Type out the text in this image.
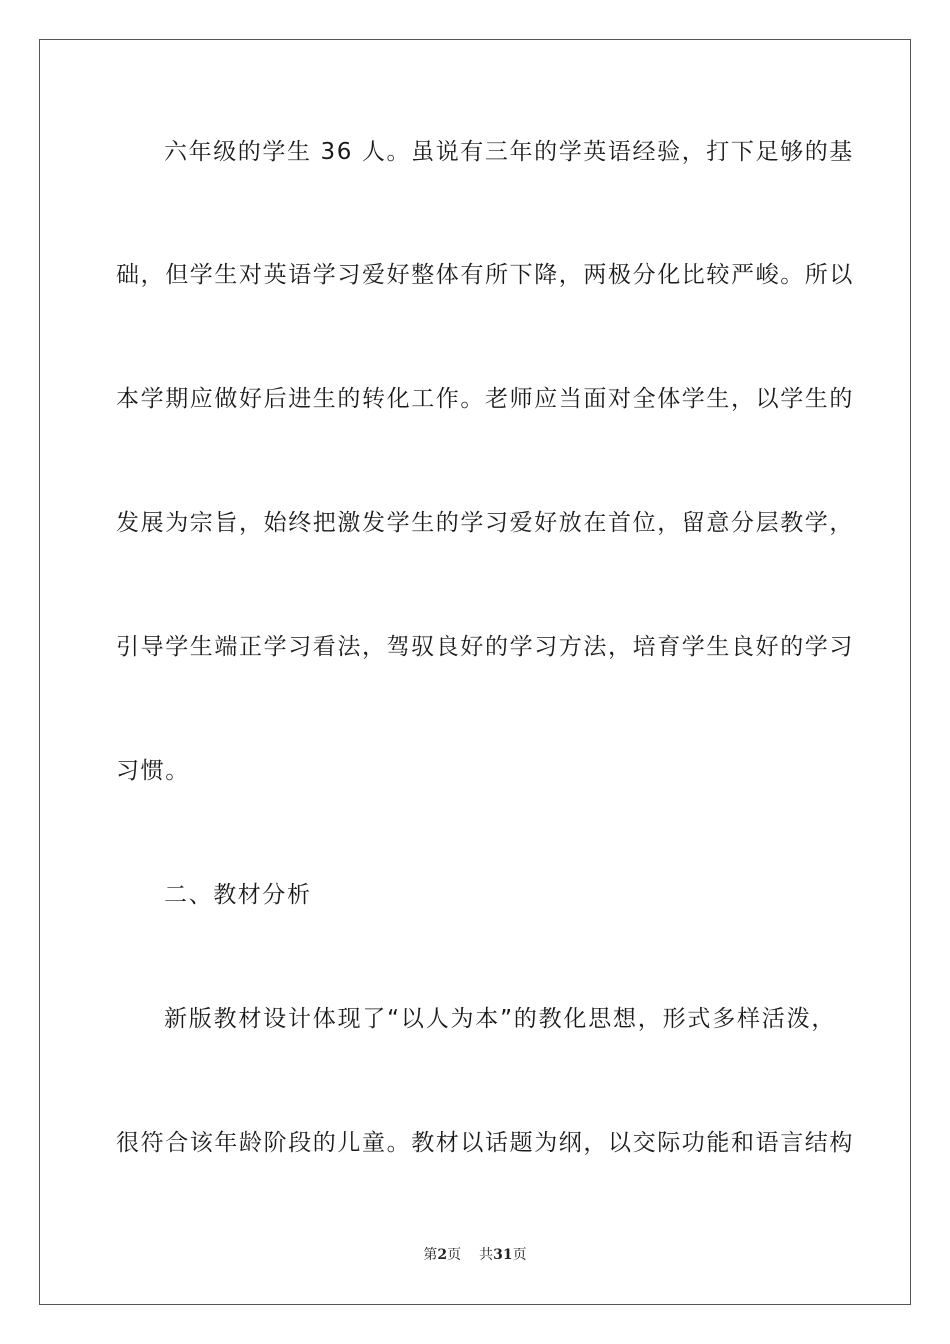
六年级的学生 36 人。虽说有三年的学英语经验，打下足够的基
础，但学生对英语学习爱好整体有所下降，两极分化比较严峻。所以
本学期应做好后进生的转化工作。老师应当面对全体学生，以学生的
发展为宗旨，始终把激发学生的学习爱好放在首位，留意分层教学，
引导学生端正学习看法，驾驭良好的学习方法，培育学生良好的学习
习惯。
二、教材分析
新版教材设计体现了“以人为本”的教化思想，形式多样活泼，
很符合该年龄阶段的儿童。教材以话题为纲，以交际功能和语言结构
第2页 共31页
